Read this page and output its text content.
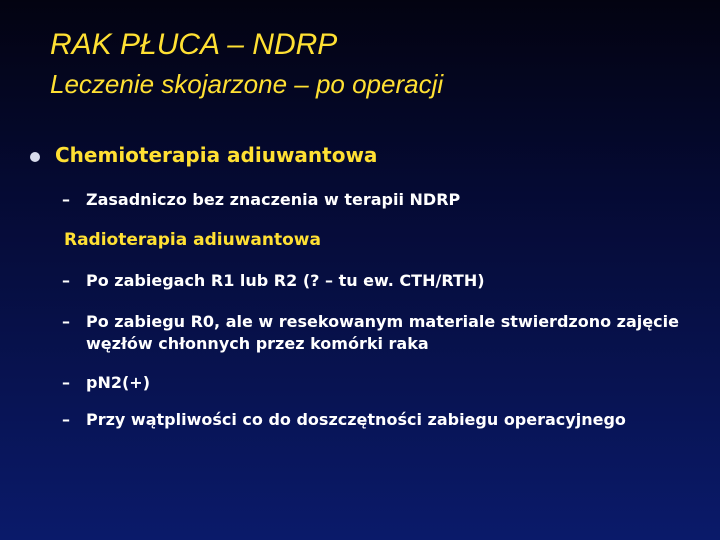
RAK PŁUCA – NDRP
Leczenie skojarzone – po operacji
Chemioterapia adiuwantowa
– Zasadniczo bez znaczenia w terapii NDRP
Radioterapia adiuwantowa
– Po zabiegach R1 lub R2 (? – tu ew. CTH/RTH)
– Po zabiegu R0, ale w resekowanym materiale stwierdzono zajęcie węzłów chłonnych przez komórki raka
– pN2(+)
– Przy wątpliwości co do doszczętności zabiegu operacyjnego
